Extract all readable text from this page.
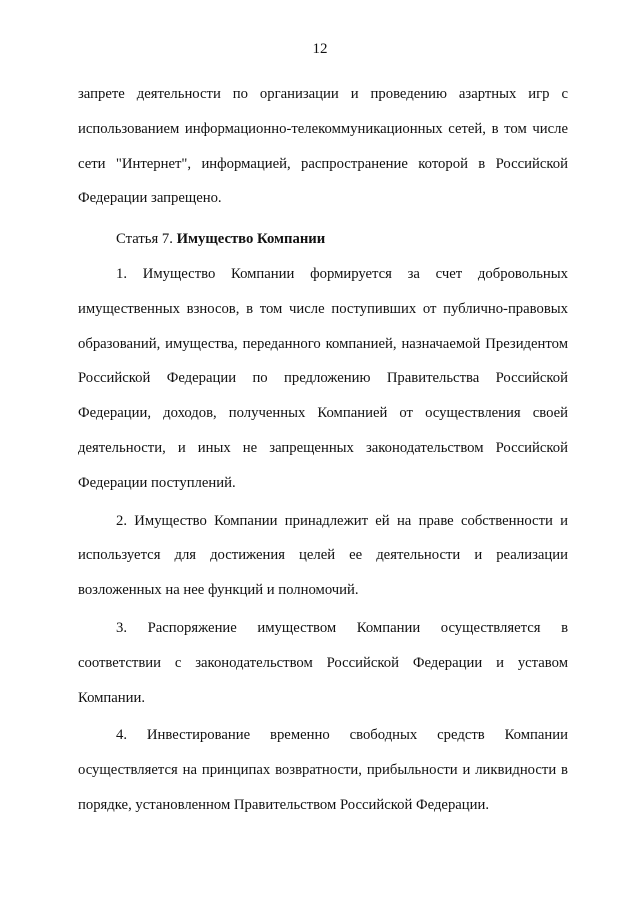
12

запрете деятельности по организации и проведению азартных игр с использованием информационно-телекоммуникационных сетей, в том числе сети "Интернет", информацией, распространение которой в Российской Федерации запрещено.

Статья 7. Имущество Компании

1. Имущество Компании формируется за счет добровольных имущественных взносов, в том числе поступивших от публично-правовых образований, имущества, переданного компанией, назначаемой Президентом Российской Федерации по предложению Правительства Российской Федерации, доходов, полученных Компанией от осуществления своей деятельности, и иных не запрещенных законодательством Российской Федерации поступлений.

2. Имущество Компании принадлежит ей на праве собственности и используется для достижения целей ее деятельности и реализации возложенных на нее функций и полномочий.

3. Распоряжение имуществом Компании осуществляется в соответствии с законодательством Российской Федерации и уставом Компании.

4. Инвестирование временно свободных средств Компании осуществляется на принципах возвратности, прибыльности и ликвидности в порядке, установленном Правительством Российской Федерации.
